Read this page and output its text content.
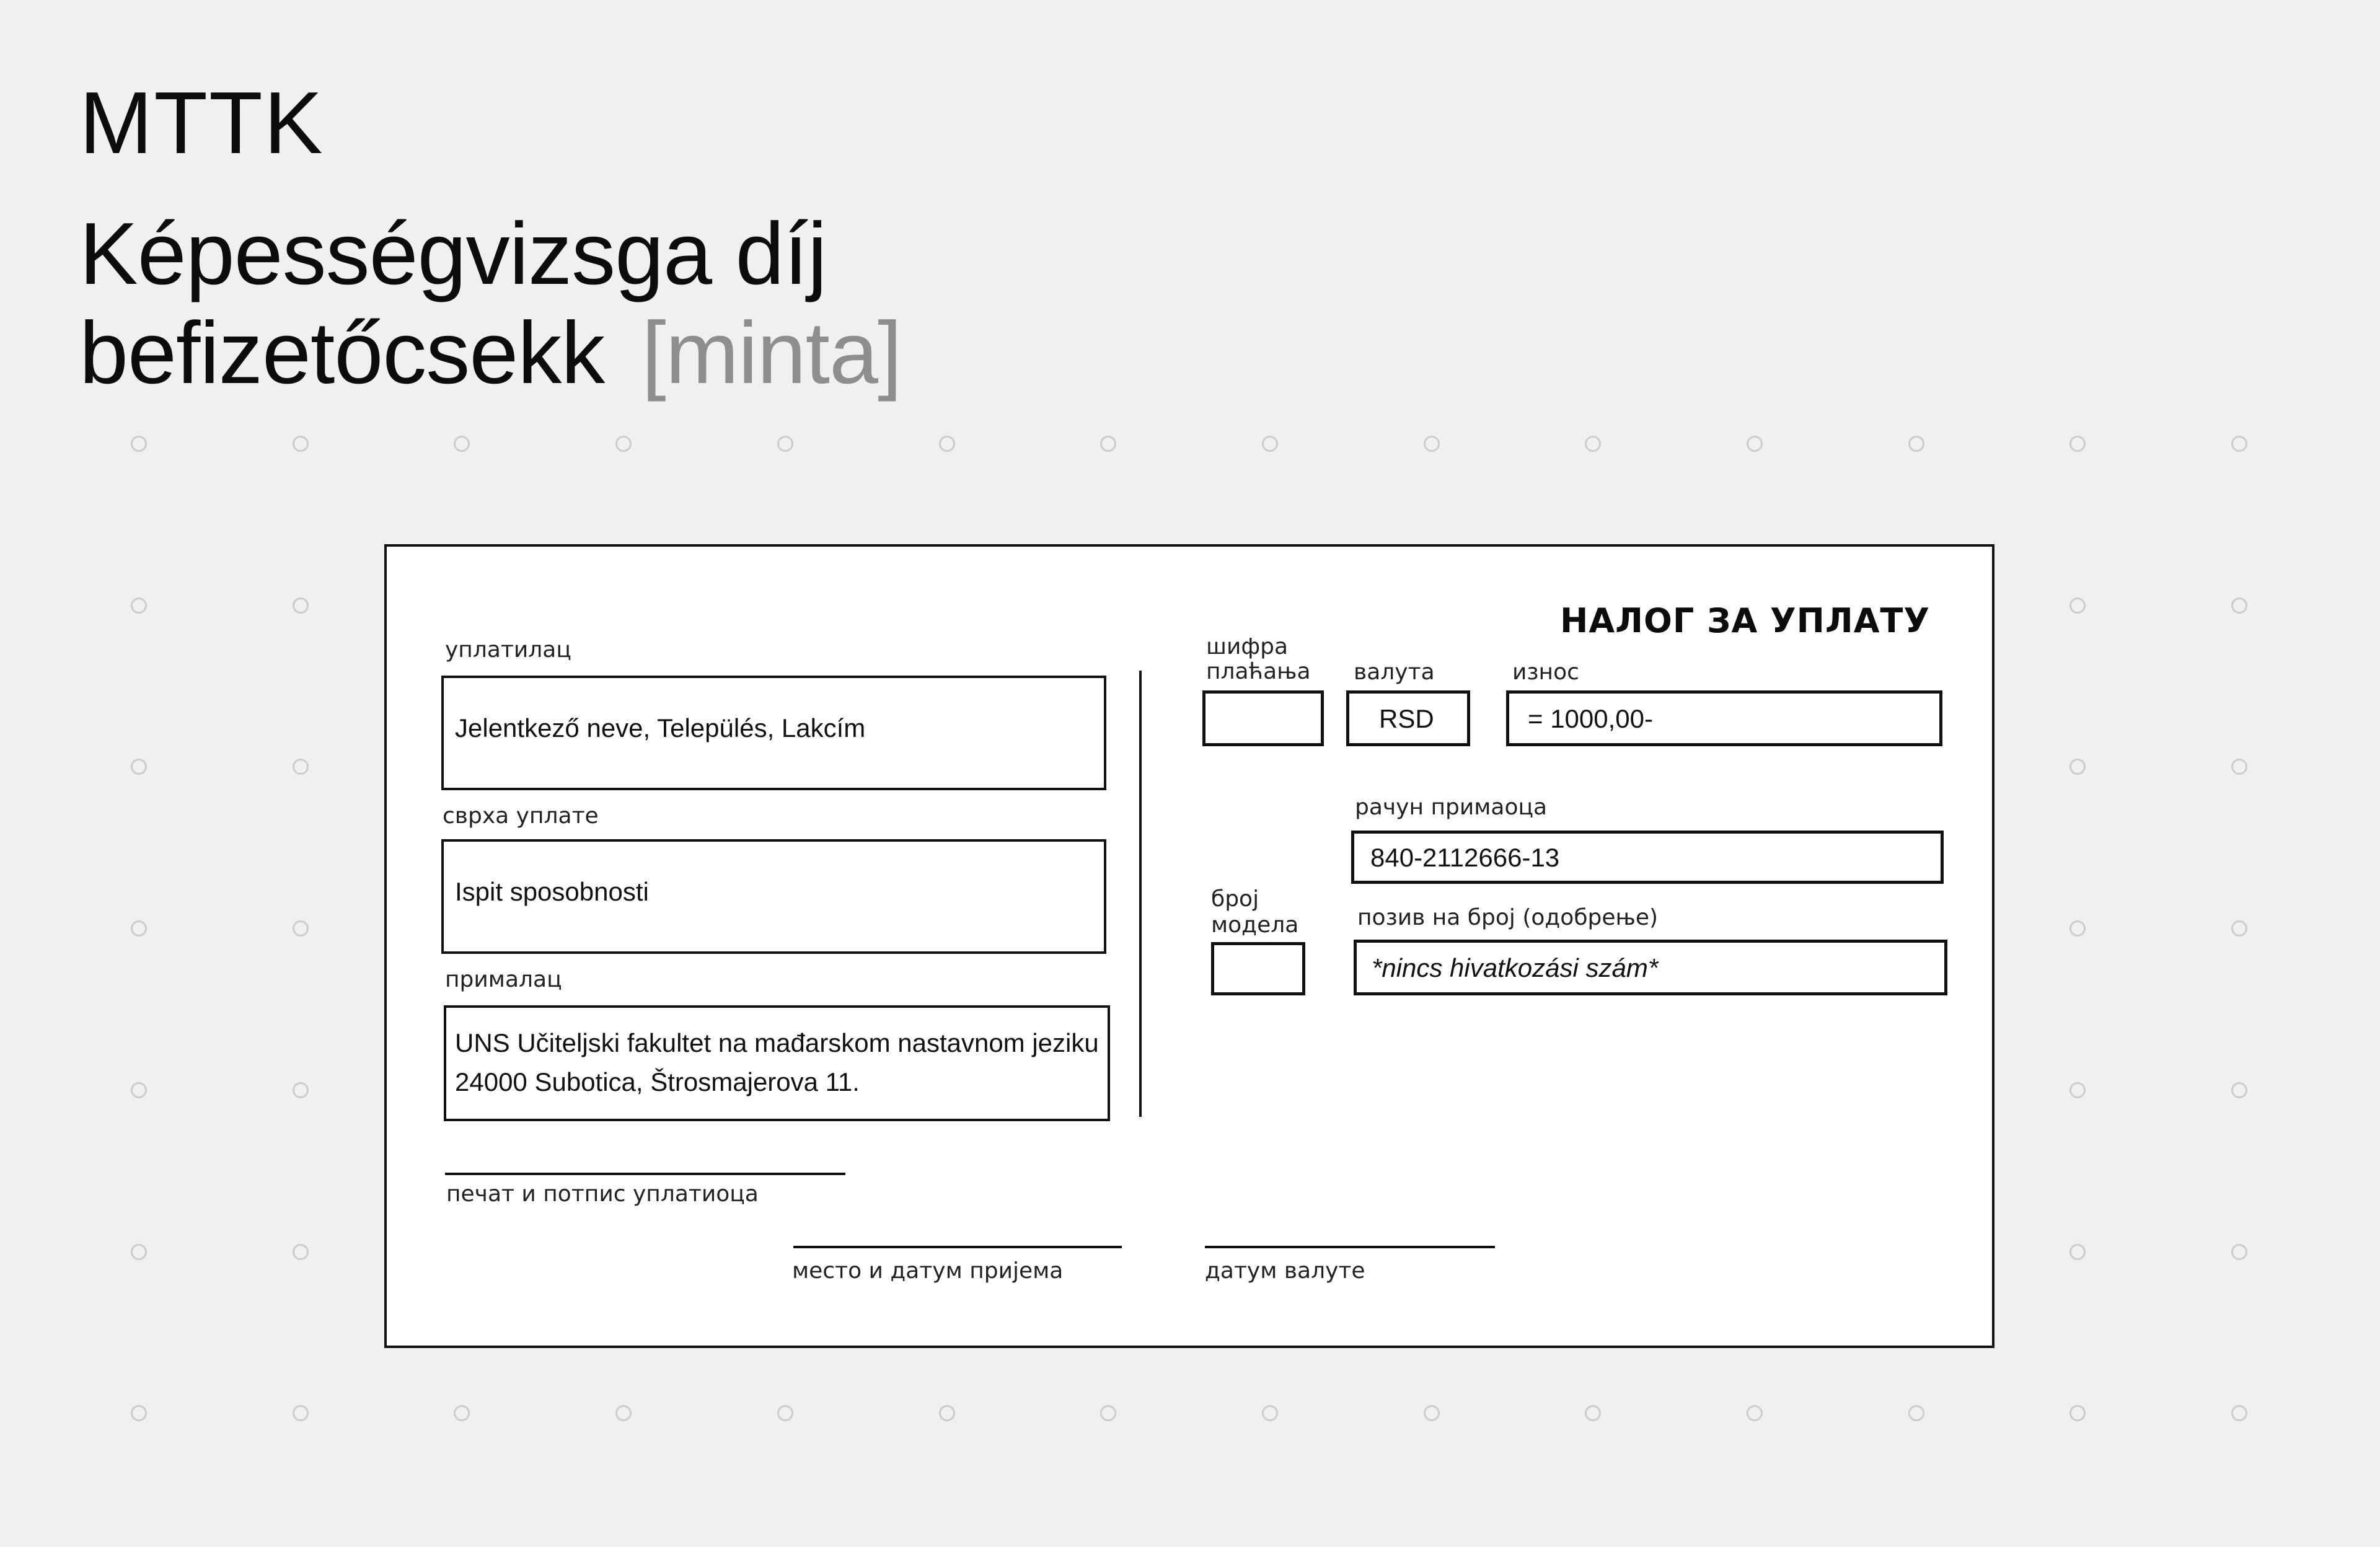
MTTK
Képességvizsga díj
befizetőcsekk [minta]
НАЛОГ ЗА УПЛАТУ
уплатилац
Jelentkező neve, Település, Lakcím
сврха уплате
Ispit sposobnosti
прималац
UNS Učiteljski fakultet na mađarskom nastavnom jeziku
24000 Subotica, Štrosmajerova 11.
печат и потпис уплатиоца
место и датум пријема	датум валуте
шифра
плаћања валута
RSD
износ
= 1000,00-
рачун примаоца
840-2112666-13
број
модела	позив на број (одобрење)
*nincs hivatkozási szám*
